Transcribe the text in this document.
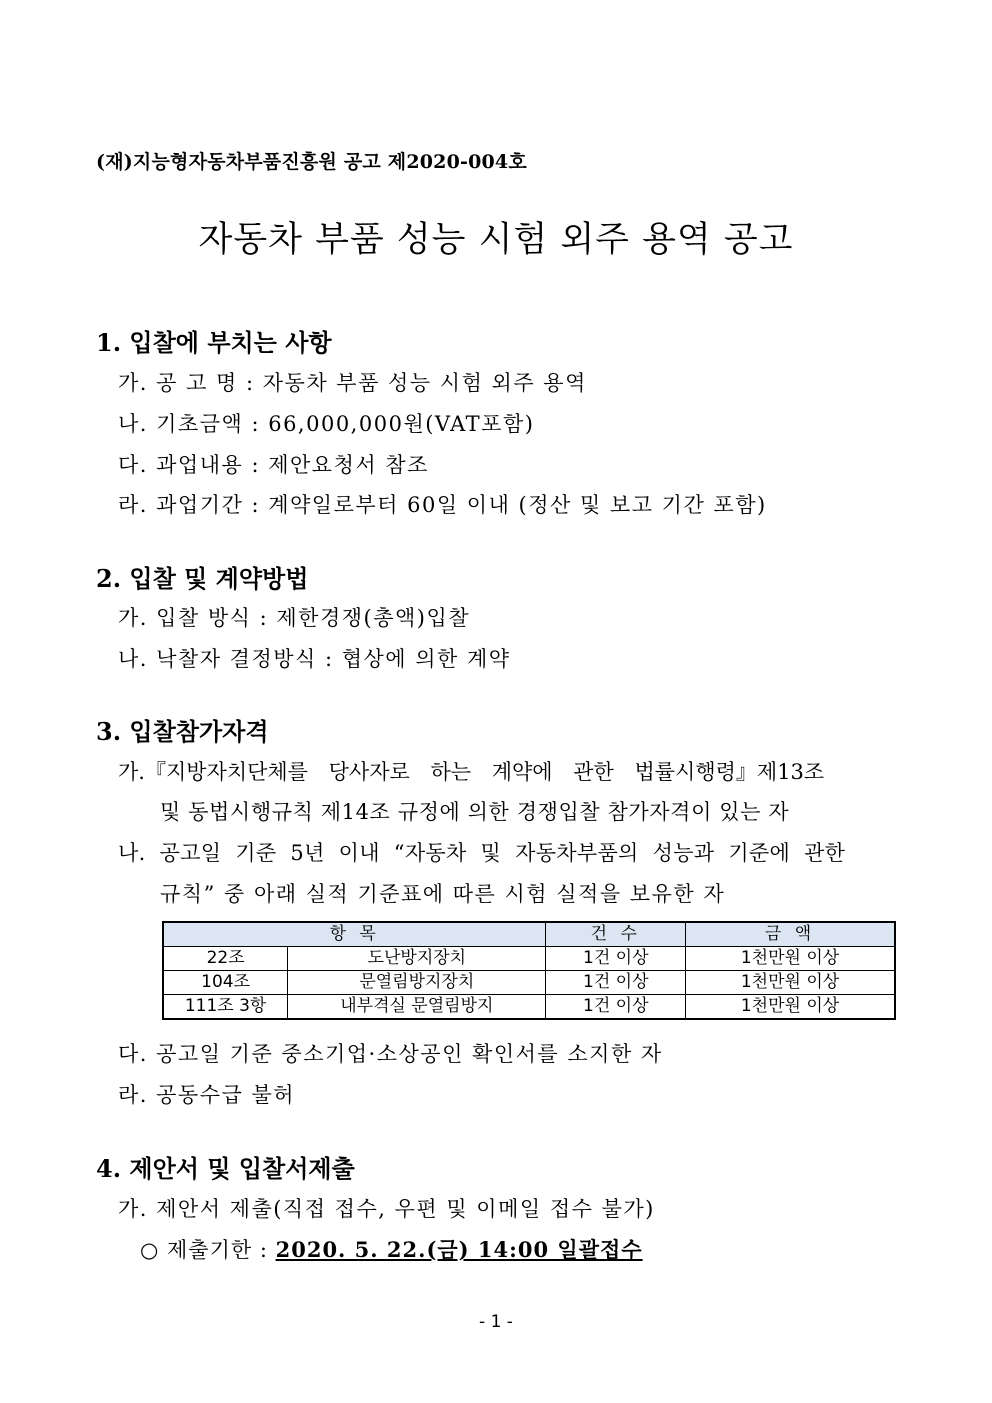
(재)지능형자동차부품진흥원 공고 제2020-004호
자동차 부품 성능 시험 외주 용역 공고
1. 입찰에 부치는 사항
가. 공 고 명 : 자동차 부품 성능 시험 외주 용역
나. 기초금액 : 66,000,000원(VAT포함)
다. 과업내용 : 제안요청서 참조
라. 과업기간 : 계약일로부터 60일 이내 (정산 및 보고 기간 포함)
2. 입찰 및 계약방법
가. 입찰 방식 : 제한경쟁(총액)입찰
나. 낙찰자 결정방식 : 협상에 의한 계약
3. 입찰참가자격
가.『지방자치단체를 당사자로 하는 계약에 관한 법률시행령』제13조
및 동법시행규칙 제14조 규정에 의한 경쟁입찰 참가자격이 있는 자
나. 공고일 기준 5년 이내 “자동차 및 자동차부품의 성능과 기준에 관한
규칙” 중 아래 실적 기준표에 따른 시험 실적을 보유한 자
항 목		건 수	금 액
22조	도난방지장치	1건 이상	1천만원 이상
104조	문열림방지장치	1건 이상	1천만원 이상
111조 3항	내부격실 문열림방지	1건 이상	1천만원 이상
다. 공고일 기준 중소기업·소상공인 확인서를 소지한 자
라. 공동수급 불허
4. 제안서 및 입찰서제출
가. 제안서 제출(직접 접수, 우편 및 이메일 접수 불가)
○ 제출기한 : 2020. 5. 22.(금) 14:00 일괄접수
- 1 -
